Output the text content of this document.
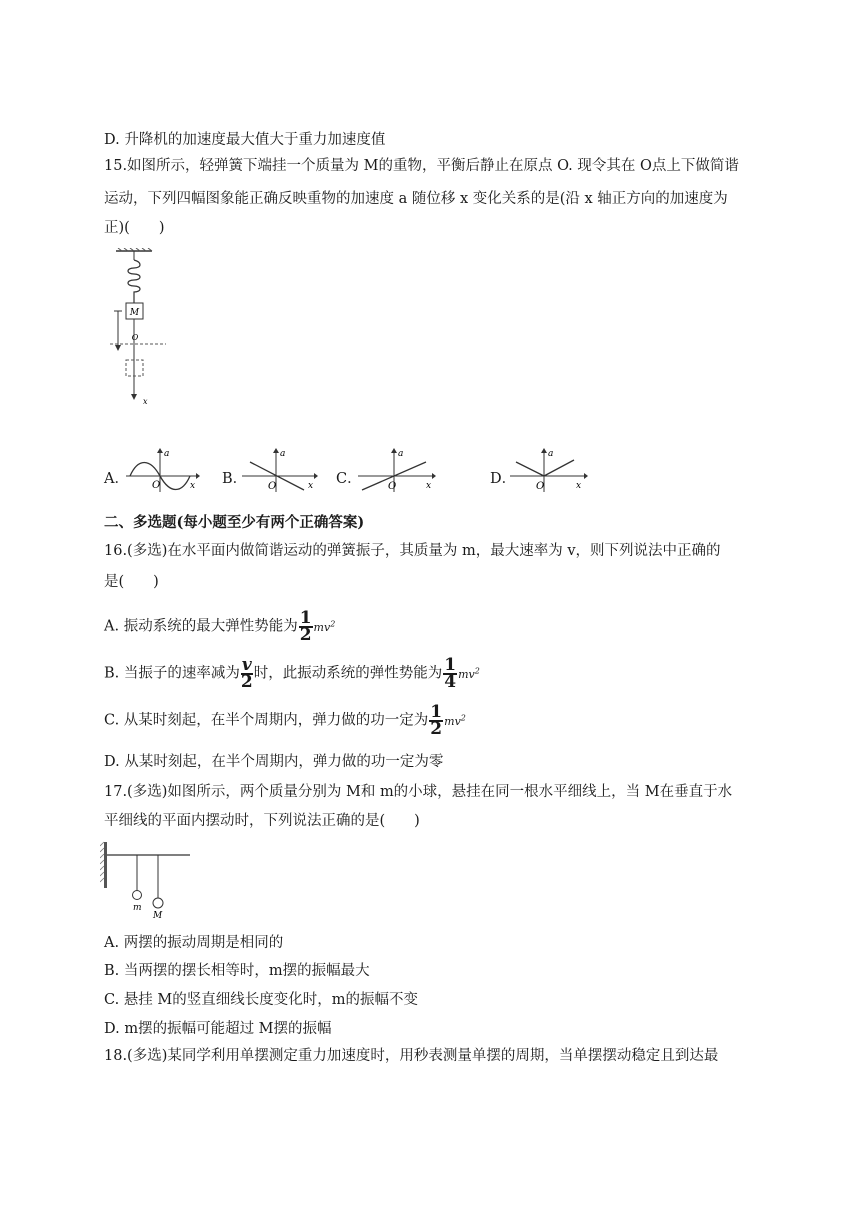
D. 升降机的加速度最大值大于重力加速度值
15.如图所示，轻弹簧下端挂一个质量为 M的重物，平衡后静止在原点 O. 现令其在 O点上下做简谐
运动，下列四幅图象能正确反映重物的加速度 a 随位移 x 变化关系的是(沿 x 轴正方向的加速度为
正)(　　)
M
O
x
A．
a
O	x B．
a
O	x C．
a
O	x	D．
a
O	x
二、多选题(每小题至少有两个正确答案)
16.(多选)在水平面内做简谐运动的弹簧振子，其质量为 m，最大速率为 v，则下列说法中正确的
是(　　)
A. 振动系统的最大弹性势能为 $\frac{1}{2} mv^2$
B. 当振子的速率减为 $\frac{v}{2}$ 时，此振动系统的弹性势能为 $\frac{1}{4} mv^2$
C. 从某时刻起，在半个周期内，弹力做的功一定为 $\frac{1}{2} mv^2$
D. 从某时刻起，在半个周期内，弹力做的功一定为零
17.(多选)如图所示，两个质量分别为 M和 m的小球，悬挂在同一根水平细线上，当 M在垂直于水
平细线的平面内摆动时，下列说法正确的是(　　)
m
M
A. 两摆的振动周期是相同的
B. 当两摆的摆长相等时，m摆的振幅最大
C. 悬挂 M的竖直细线长度变化时，m的振幅不变
D. m摆的振幅可能超过 M摆的振幅
18.(多选)某同学利用单摆测定重力加速度时，用秒表测量单摆的周期，当单摆摆动稳定且到达最
